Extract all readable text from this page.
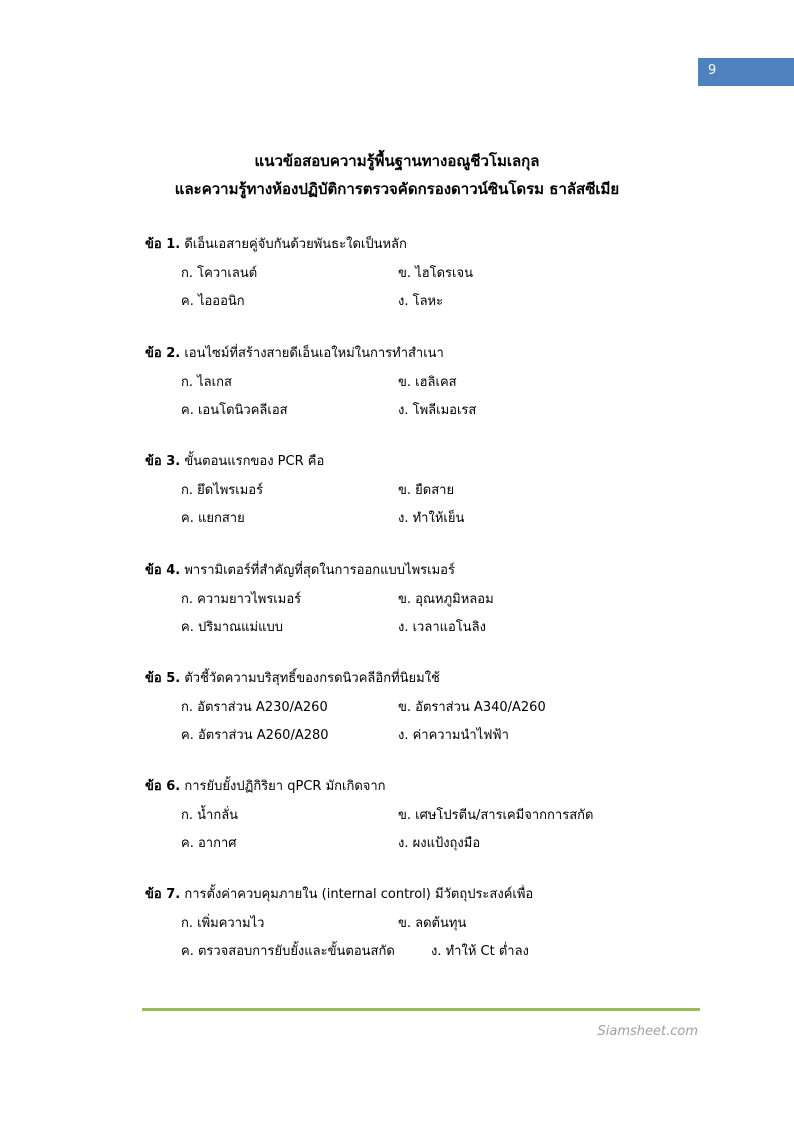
9
แนวข้อสอบความรู้พื้นฐานทางอณูชีวโมเลกุล
และความรู้ทางห้องปฏิบัติการตรวจคัดกรองดาวน์ซินโดรม ธาลัสซีเมีย
ข้อ 1. ดีเอ็นเอสายคู่จับกันด้วยพันธะใดเป็นหลัก
ก. โควาเลนต์	ข. ไฮโดรเจน
ค. ไอออนิก	ง. โลหะ
ข้อ 2. เอนไซม์ที่สร้างสายดีเอ็นเอใหม่ในการทำสำเนา
ก. ไลเกส	ข. เฮลิเคส
ค. เอนโดนิวคลีเอส	ง. โพลีเมอเรส
ข้อ 3. ขั้นตอนแรกของ PCR คือ
ก. ยึดไพรเมอร์	ข. ยืดสาย
ค. แยกสาย	ง. ทำให้เย็น
ข้อ 4. พารามิเตอร์ที่สำคัญที่สุดในการออกแบบไพรเมอร์
ก. ความยาวไพรเมอร์	ข. อุณหภูมิหลอม
ค. ปริมาณแม่แบบ	ง. เวลาแอโนลิง
ข้อ 5. ตัวชี้วัดความบริสุทธิ์ของกรดนิวคลีอิกที่นิยมใช้
ก. อัตราส่วน A230/A260	ข. อัตราส่วน A340/A260
ค. อัตราส่วน A260/A280	ง. ค่าความนำไฟฟ้า
ข้อ 6. การยับยั้งปฏิกิริยา qPCR มักเกิดจาก
ก. น้ำกลั่น	ข. เศษโปรตีน/สารเคมีจากการสกัด
ค. อากาศ	ง. ผงแป้งถุงมือ
ข้อ 7. การตั้งค่าควบคุมภายใน (internal control) มีวัตถุประสงค์เพื่อ
ก. เพิ่มความไว	ข. ลดต้นทุน
ค. ตรวจสอบการยับยั้งและขั้นตอนสกัด	ง. ทำให้ Ct ต่ำลง
Siamsheet.com
